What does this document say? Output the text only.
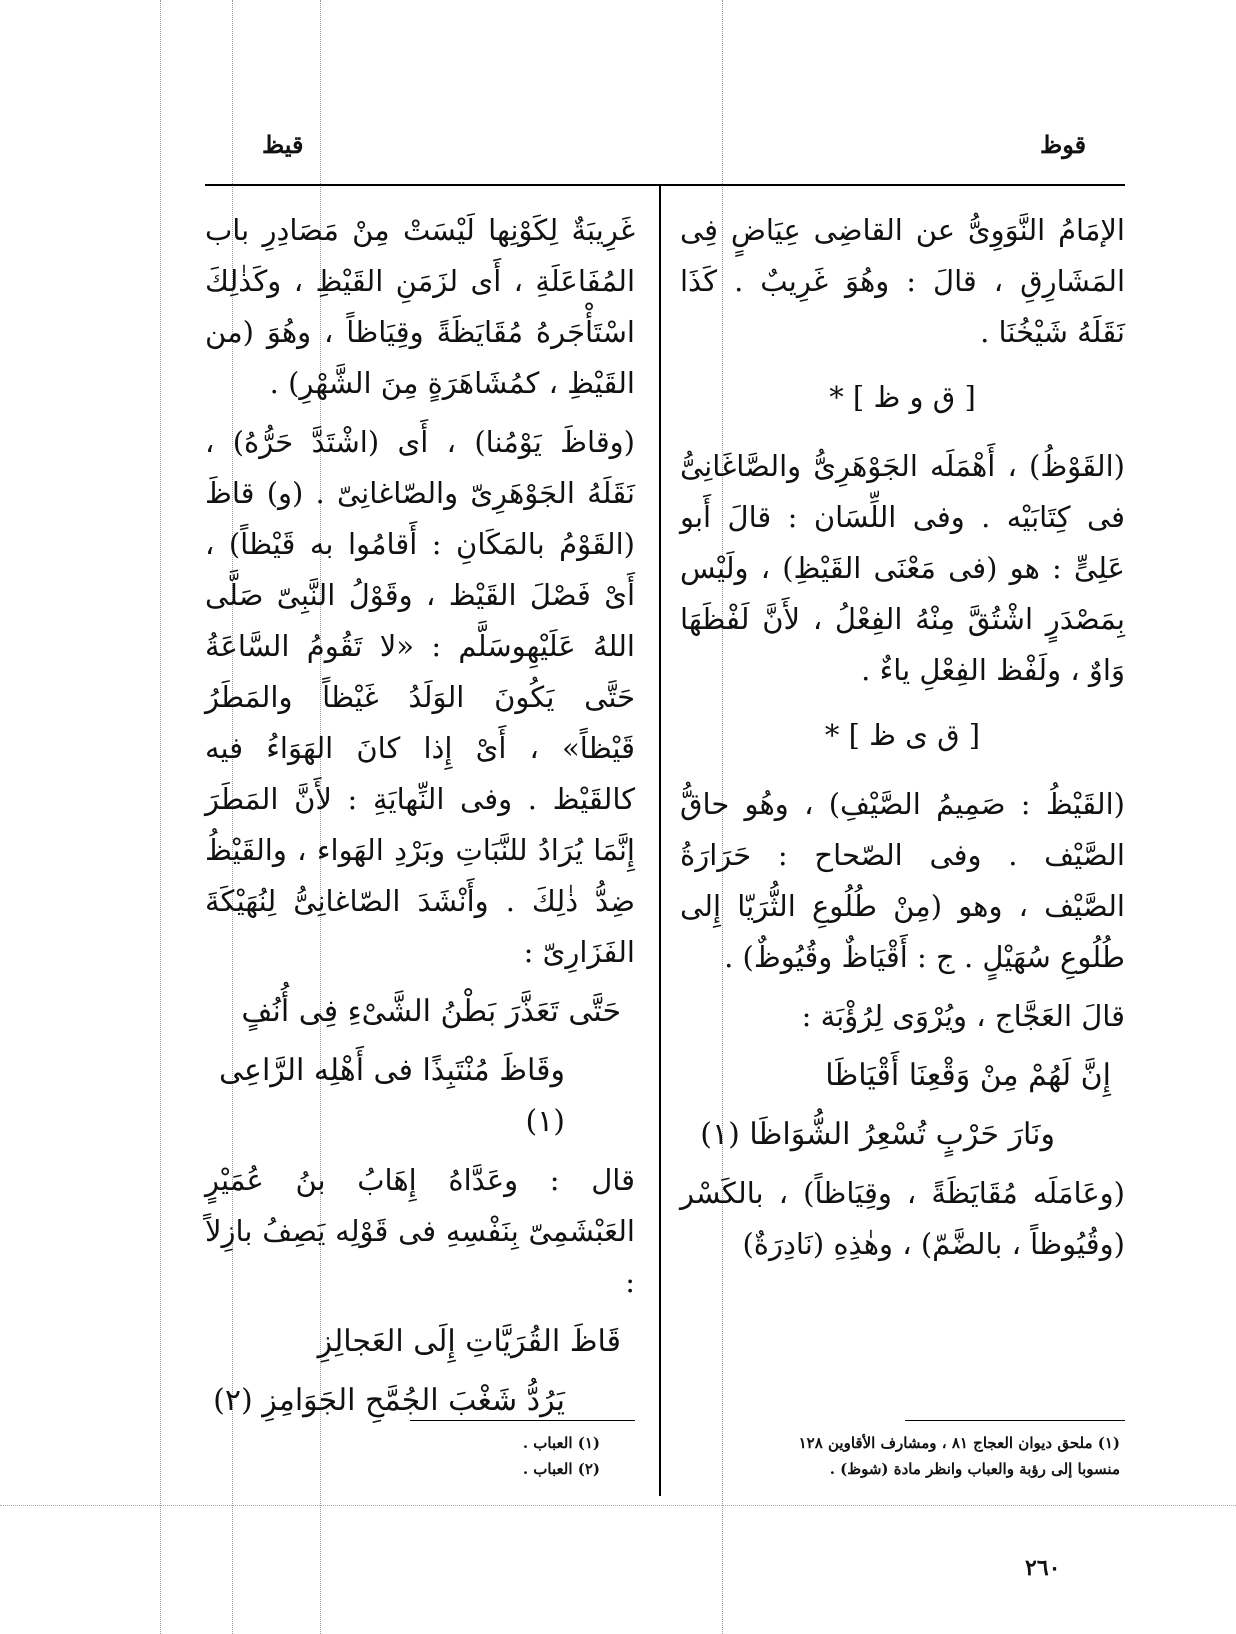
قيظ	قوظ

الإمَامُ النَّوَوِىُّ عن القاضِى عِيَاضٍ فِى المَشَارِقِ ، قالَ : وهُوَ غَرِيبٌ . كَذَا نَقَلَهُ شَيْخُنَا .

[ ق و ظ ] *

(القَوْظُ) ، أَهْمَلَه الجَوْهَرِىُّ والصَّاغَانِىُّ فى كِتَابَيْه . وفى اللِّسَان : قالَ أَبو عَلِىٍّ : هو (فى مَعْنَى القَيْظِ) ، ولَيْس بِمَصْدَرٍ اشْتُقَّ مِنْهُ الفِعْلُ ، لأَنَّ لَفْظَهَا وَاوٌ ، ولَفْظ الفِعْلِ ياءٌ .

[ ق ى ظ ] *

(القَيْظُ : صَمِيمُ الصَّيْفِ) ، وهُو حاقُّ الصَّيْف . وفى الصّحاح : حَرَارَةُ الصَّيْف ، وهو (مِنْ طُلُوعِ الثُّرَيّا إِلى طُلُوعِ سُهَيْلٍ . ج : أَقْيَاظٌ وقُيُوظٌ) .

قالَ العَجَّاج ، ويُرْوَى لِرُؤْبَة :

إِنَّ لَهُمْ مِنْ وَقْعِنَا أَقْيَاظَا
ونَارَ حَرْبٍ تُسْعِرُ الشُّوَاظَا (١)

(وعَامَلَه مُقَايَظَةً ، وقِيَاظاً) ، بالكَسْر (وقُيُوظاً ، بالضَّمّ) ، وهٰذِهِ (نَادِرَةٌ)

غَرِيبَةٌ لِكَوْنِها لَيْسَتْ مِنْ مَصَادِرِ باب المُفَاعَلَةِ ، أَى لزَمَنِ القَيْظِ ، وكَذٰلِكَ اسْتَأْجَرهُ مُقَايَظَةً وقِيَاظاً ، وهُوَ (من القَيْظِ ، كمُشَاهَرَةٍ مِنَ الشَّهْرِ) .

(وقاظَ يَوْمُنا) ، أَى (اشْتَدَّ حَرُّهُ) ، نَقَلَهُ الجَوْهَرِىّ والصّاغانِىّ . (و) قاظَ (القَوْمُ بالمَكَانِ : أَقامُوا به قَيْظاً) ، أَىْ فَصْلَ القَيْظ ، وقَوْلُ النَّبِىّ صَلَّى اللهُ عَلَيْهِوسَلَّم : «لا تَقُومُ السَّاعَةُ حَتَّى يَكُونَ الوَلَدُ غَيْظاً والمَطَرُ قَيْظاً» ، أَىْ إِذا كانَ الهَوَاءُ فيه كالقَيْظ . وفى النِّهايَةِ : لأَنَّ المَطَرَ إِنَّمَا يُرَادُ للنَّبَاتِ وبَرْدِ الهَواء ، والقَيْظُ ضِدُّ ذٰلِكَ . وأَنْشَدَ الصّاغانِىُّ لِنُهَيْكَةَ الفَزَارِىّ :

حَتَّى تَعَذَّرَ بَطْنُ الشَّىْءِ فِى أُنُفٍ
وقَاظَ مُنْتَبِذًا فى أَهْلِه الرَّاعِى (١)

قال : وعَدَّاهُ إِهَابُ بنُ عُمَيْرٍ العَبْشَمِىّ بِنَفْسِهِ فى قَوْلِه يَصِفُ بازِلاً :

قَاظَ القُرَيَّاتِ إِلَى العَجالِزِ
يَرُدُّ شَغْبَ الجُمَّحِ الجَوَامِزِ (٢)
(١) ملحق ديوان العجاج ٨١ ، ومشارف الأقاوين ١٢٨
منسوبا إلى رؤبة والعباب وانظر مادة (شوظ) .
(١) العباب .
(٢) العباب .
٢٦٠
